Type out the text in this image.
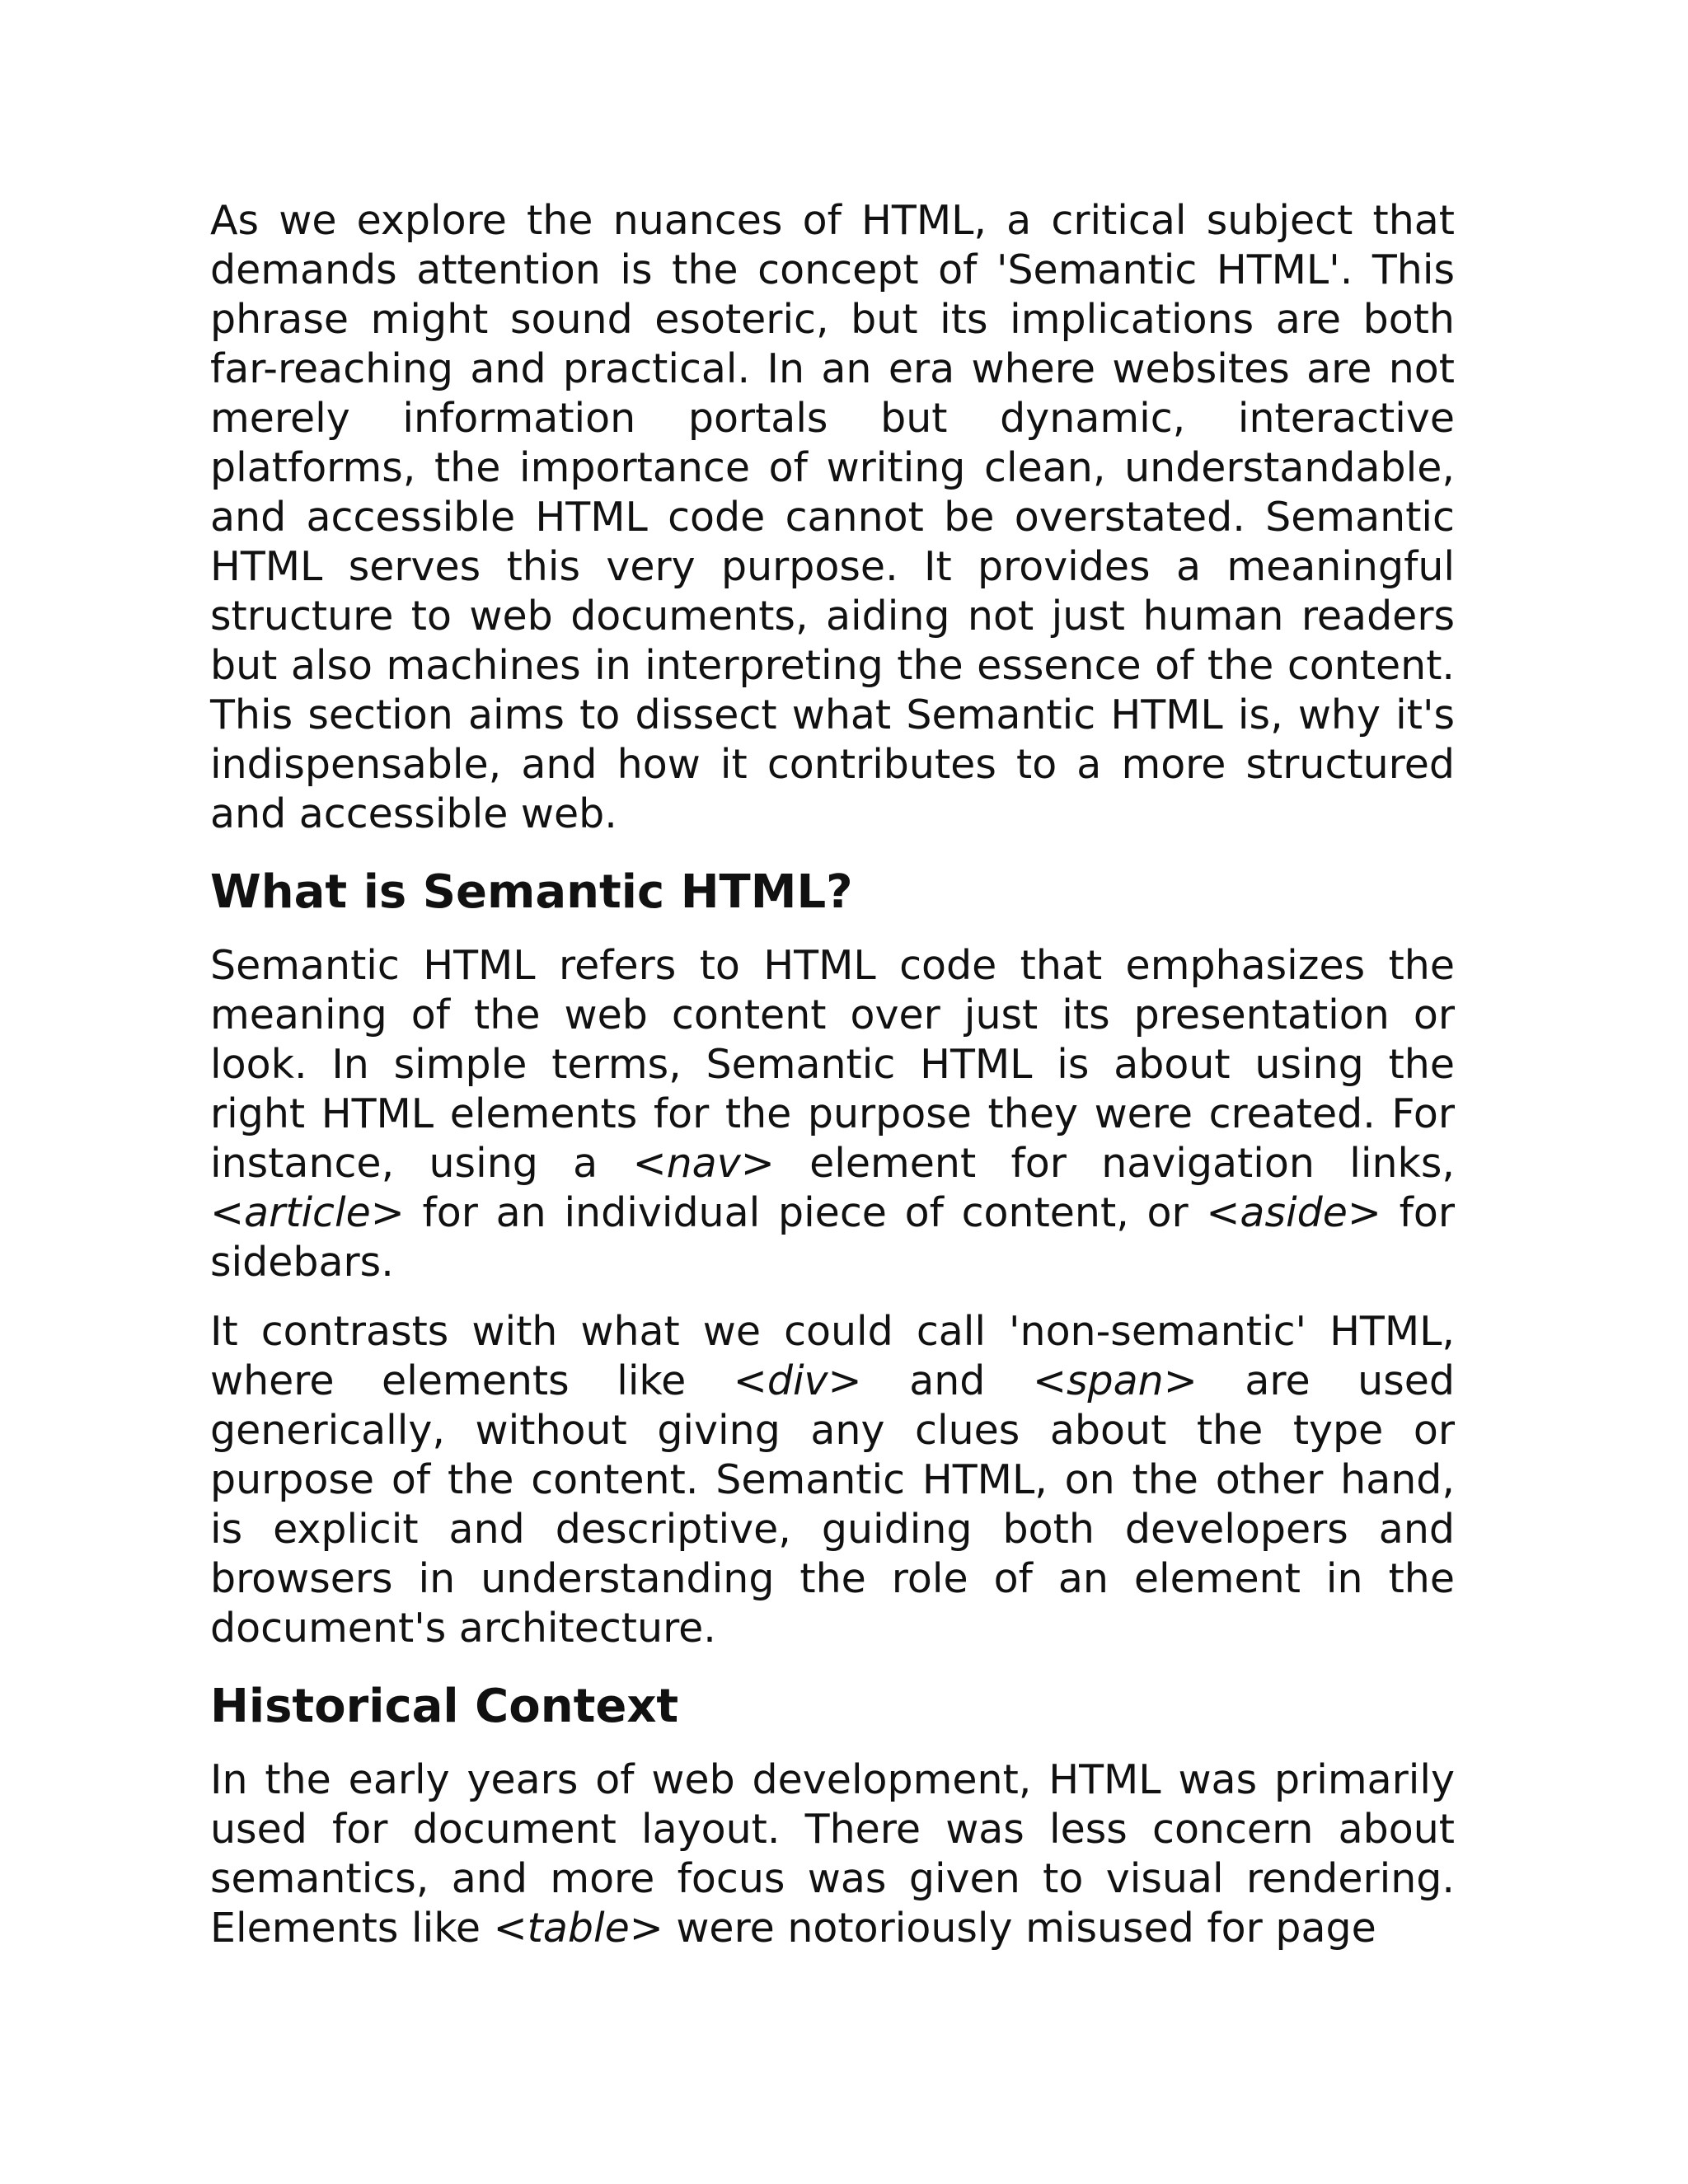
As we explore the nuances of HTML, a critical subject that demands attention is the concept of 'Semantic HTML'. This phrase might sound esoteric, but its implications are both far-reaching and practical. In an era where websites are not merely information portals but dynamic, interactive platforms, the importance of writing clean, understandable, and accessible HTML code cannot be overstated. Semantic HTML serves this very purpose. It provides a meaningful structure to web documents, aiding not just human readers but also machines in interpreting the essence of the content. This section aims to dissect what Semantic HTML is, why it's indispensable, and how it contributes to a more structured and accessible web.

What is Semantic HTML?

Semantic HTML refers to HTML code that emphasizes the meaning of the web content over just its presentation or look. In simple terms, Semantic HTML is about using the right HTML elements for the purpose they were created. For instance, using a <nav> element for navigation links, <article> for an individual piece of content, or <aside> for sidebars.

It contrasts with what we could call 'non-semantic' HTML, where elements like <div> and <span> are used generically, without giving any clues about the type or purpose of the content. Semantic HTML, on the other hand, is explicit and descriptive, guiding both developers and browsers in understanding the role of an element in the document's architecture.

Historical Context

In the early years of web development, HTML was primarily used for document layout. There was less concern about semantics, and more focus was given to visual rendering. Elements like <table> were notoriously misused for page
